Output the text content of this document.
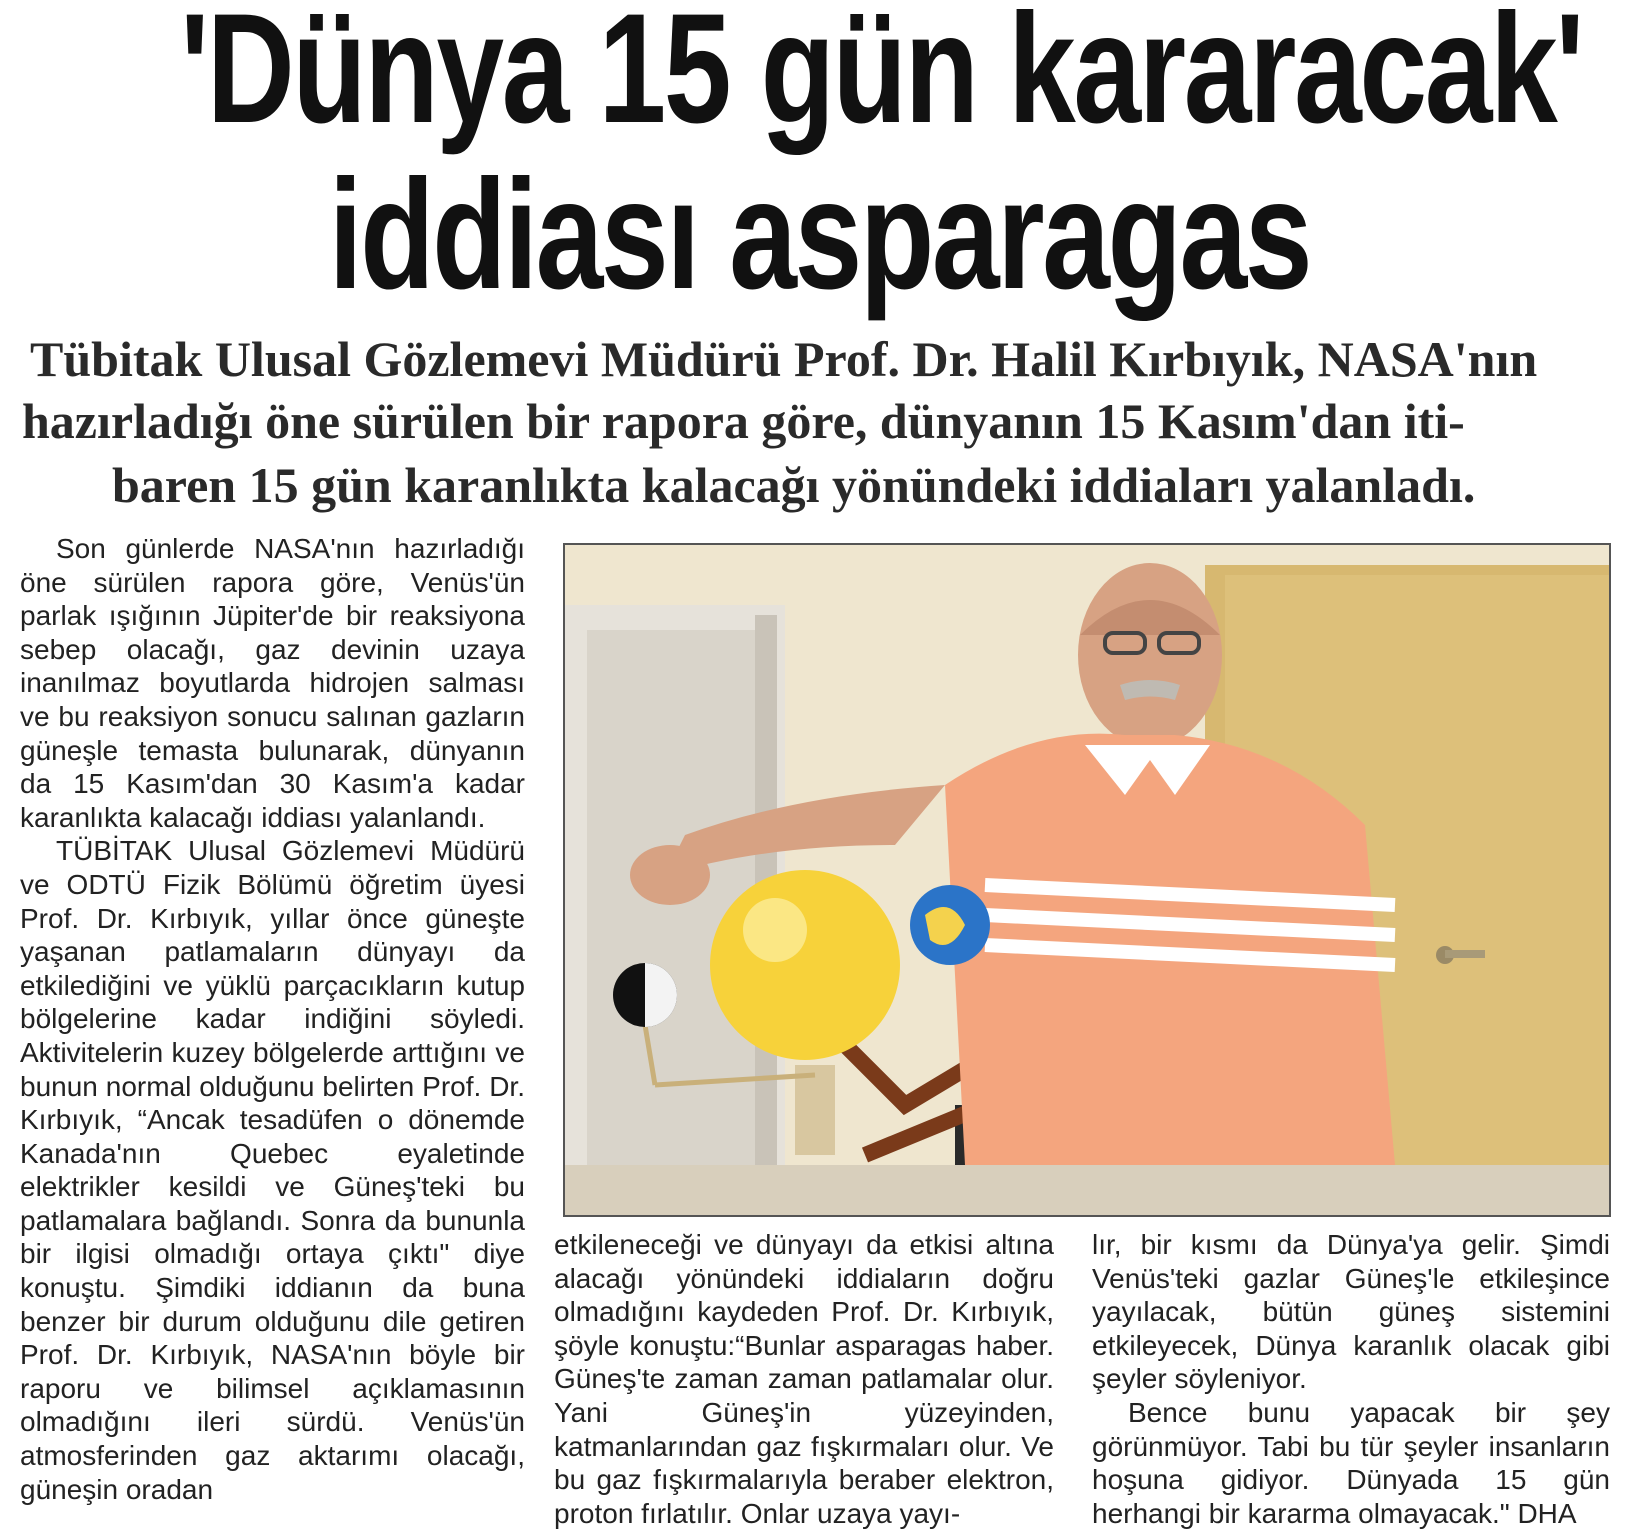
'Dünya 15 gün kararacak'
iddiası asparagas
Tübitak Ulusal Gözlemevi Müdürü Prof. Dr. Halil Kırbıyık, NASA'nın
hazırladığı öne sürülen bir rapora göre, dünyanın 15 Kasım'dan iti-
baren 15 gün karanlıkta kalacağı yönündeki iddiaları yalanladı.

Son günlerde NASA'nın hazırladığı öne sürülen rapora göre, Venüs'ün parlak ışığının Jüpiter'de bir reaksiyona sebep olacağı, gaz devinin uzaya inanılmaz boyutlarda hidrojen salması ve bu reaksiyon sonucu salınan gazların güneşle temasta bulunarak, dünyanın da 15 Kasım'dan 30 Kasım'a kadar karanlıkta kalacağı iddiası yalanlandı.

TÜBİTAK Ulusal Gözlemevi Müdürü ve ODTÜ Fizik Bölümü öğretim üyesi Prof. Dr. Kırbıyık, yıllar önce güneşte yaşanan patlamaların dünyayı da etkilediğini ve yüklü parçacıkların kutup bölgelerine kadar indiğini söyledi. Aktivitelerin kuzey bölgelerde arttığını ve bunun normal olduğunu belirten Prof. Dr. Kırbıyık, “Ancak tesadüfen o dönemde Kanada'nın Quebec eyaletinde elektrikler kesildi ve Güneş'teki bu patlamalara bağlandı. Sonra da bununla bir ilgisi olmadığı ortaya çıktı" diye konuştu. Şimdiki iddianın da buna benzer bir durum olduğunu dile getiren Prof. Dr. Kırbıyık, NASA'nın böyle bir raporu ve bilimsel açıklamasının olmadığını ileri sürdü. Venüs'ün atmosferinden gaz aktarımı olacağı, güneşin oradan

etkileneceği ve dünyayı da etkisi altına alacağı yönündeki iddiaların doğru olmadığını kaydeden Prof. Dr. Kırbıyık, şöyle konuştu:“Bunlar asparagas haber. Güneş'te zaman zaman patlamalar olur. Yani Güneş'in yüzeyinden, katmanlarından gaz fışkırmaları olur. Ve bu gaz fışkırmalarıyla beraber elektron, proton fırlatılır. Onlar uzaya yayı-

lır, bir kısmı da Dünya'ya gelir. Şimdi Venüs'teki gazlar Güneş'le etkileşince yayılacak, bütün güneş sistemini etkileyecek, Dünya karanlık olacak gibi şeyler söyleniyor.

Bence bunu yapacak bir şey görünmüyor. Tabi bu tür şeyler insanların hoşuna gidiyor. Dünyada 15 gün herhangi bir kararma olmayacak." DHA
